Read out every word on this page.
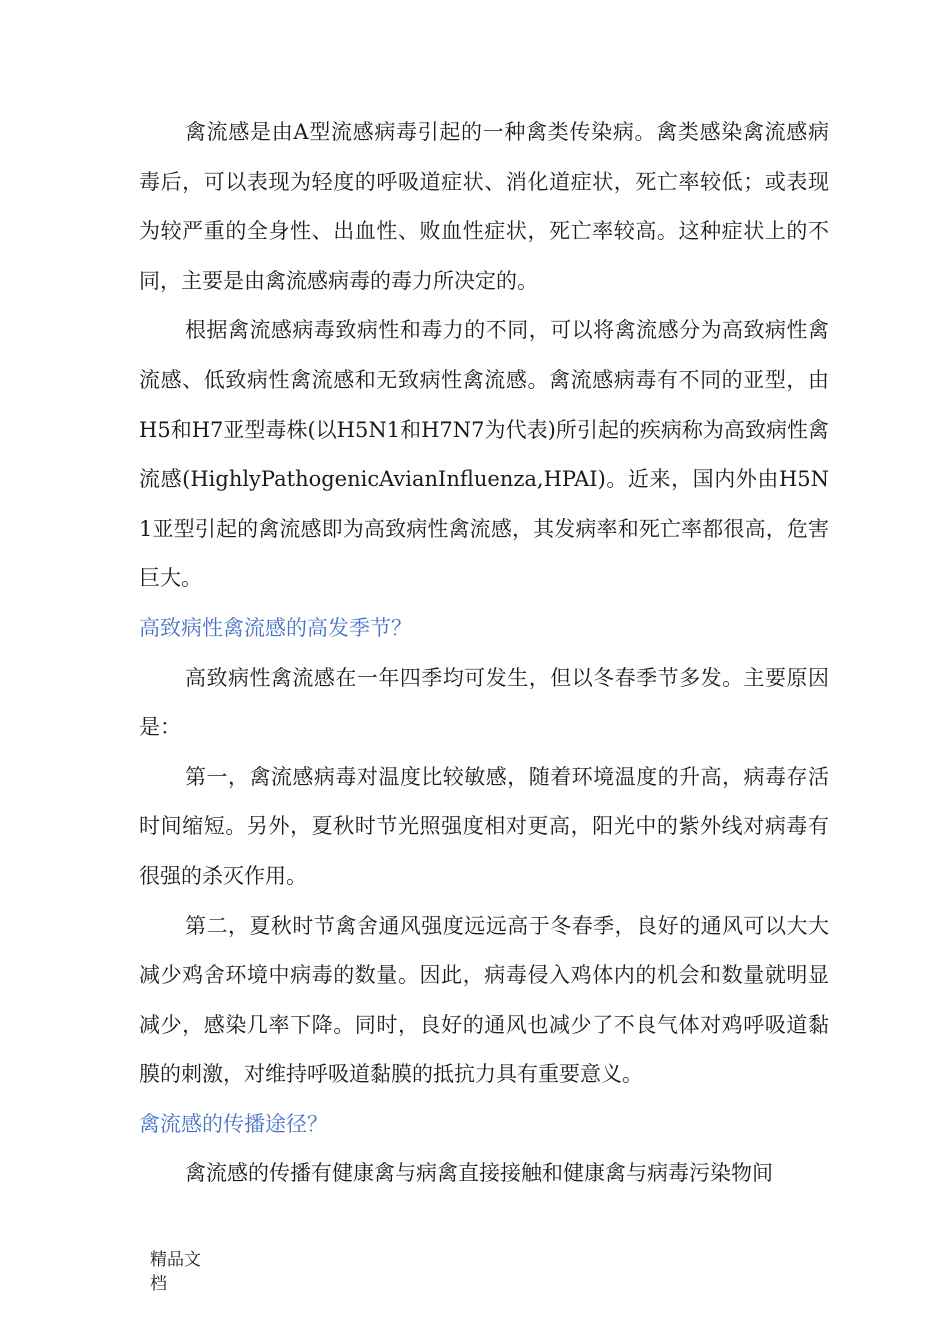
禽流感是由A型流感病毒引起的一种禽类传染病。禽类感染禽流感病毒后，可以表现为轻度的呼吸道症状、消化道症状，死亡率较低；或表现为较严重的全身性、出血性、败血性症状，死亡率较高。这种症状上的不同，主要是由禽流感病毒的毒力所决定的。

根据禽流感病毒致病性和毒力的不同，可以将禽流感分为高致病性禽流感、低致病性禽流感和无致病性禽流感。禽流感病毒有不同的亚型，由H5和H7亚型毒株(以H5N1和H7N7为代表)所引起的疾病称为高致病性禽流感(HighlyPathogenicAvianInfluenza,HPAI)。近来，国内外由H5N1亚型引起的禽流感即为高致病性禽流感，其发病率和死亡率都很高，危害巨大。

高致病性禽流感的高发季节？

高致病性禽流感在一年四季均可发生，但以冬春季节多发。主要原因是：

第一，禽流感病毒对温度比较敏感，随着环境温度的升高，病毒存活时间缩短。另外，夏秋时节光照强度相对更高，阳光中的紫外线对病毒有很强的杀灭作用。

第二，夏秋时节禽舍通风强度远远高于冬春季，良好的通风可以大大减少鸡舍环境中病毒的数量。因此，病毒侵入鸡体内的机会和数量就明显减少，感染几率下降。同时，良好的通风也减少了不良气体对鸡呼吸道黏膜的刺激，对维持呼吸道黏膜的抵抗力具有重要意义。

禽流感的传播途径？

禽流感的传播有健康禽与病禽直接接触和健康禽与病毒污染物间

精品文档
